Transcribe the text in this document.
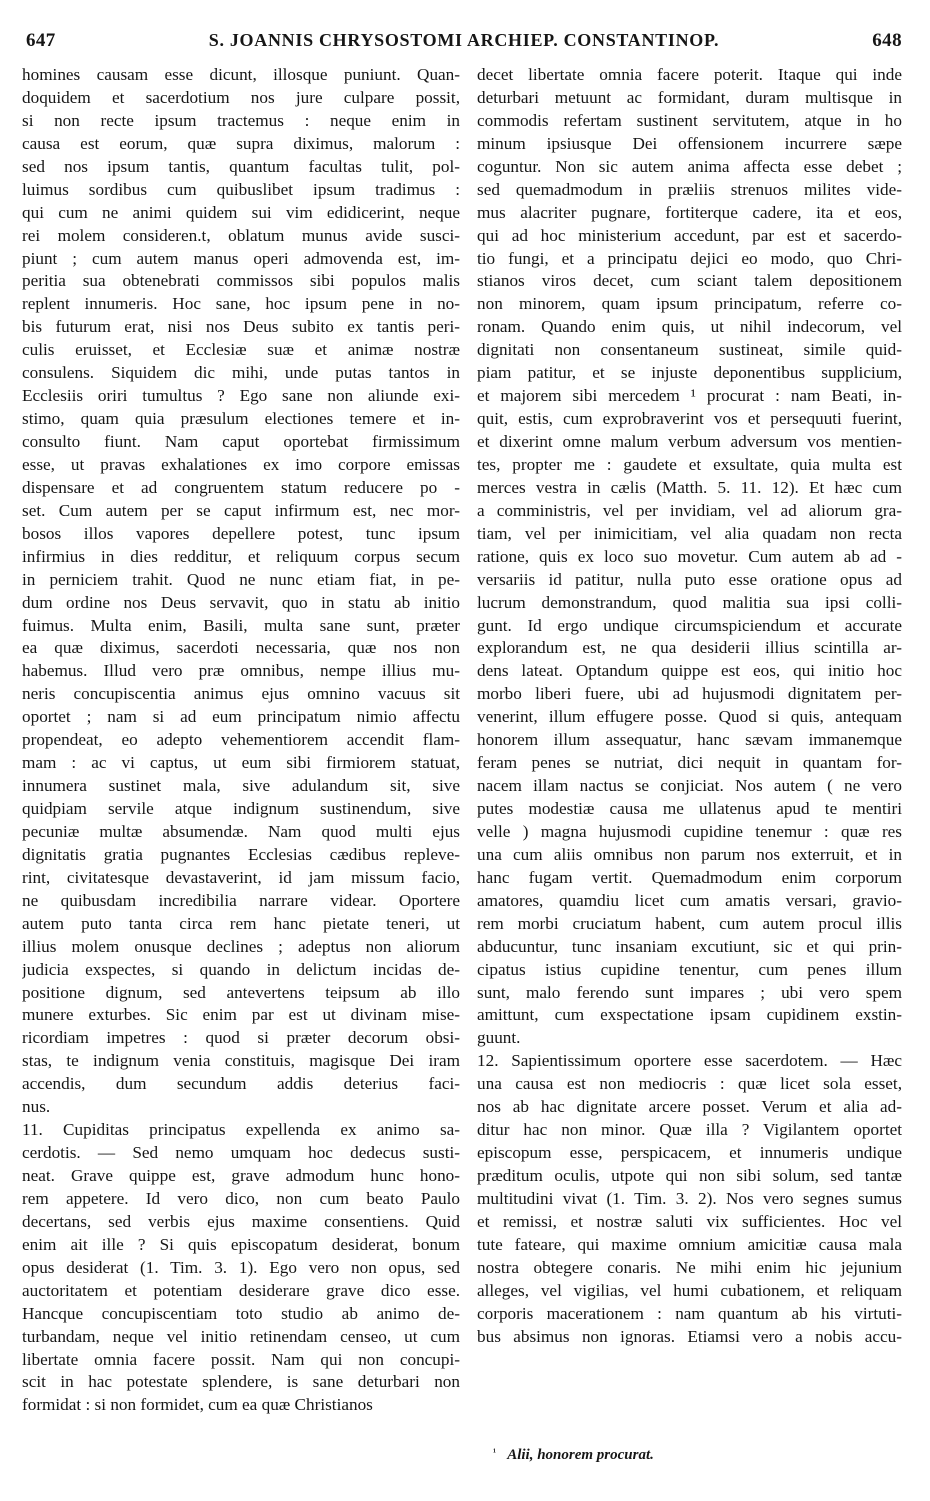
647	S. JOANNIS CHRYSOSTOMI ARCHIEP. CONSTANTINOP.	648
homines causam esse dicunt, illosque puniunt. Quan-
doquidem et sacerdotium nos jure culpare possit,
si non recte ipsum tractemus : neque enim in
causa est eorum, quæ supra diximus, malorum :
sed nos ipsum tantis, quantum facultas tulit, pol-
luimus sordibus cum quibuslibet ipsum tradimus :
qui cum ne animi quidem sui vim edidicerint, neque
rei molem consideren.t, oblatum munus avide susci-
piunt ; cum autem manus operi admovenda est, im-
peritia sua obtenebrati commissos sibi populos malis
replent innumeris. Hoc sane, hoc ipsum pene in no-
bis futurum erat, nisi nos Deus subito ex tantis peri-
culis eruisset, et Ecclesiæ suæ et animæ nostræ
consulens. Siquidem dic mihi, unde putas tantos in
Ecclesiis oriri tumultus ? Ego sane non aliunde exi-
stimo, quam quia præsulum electiones temere et in-
consulto fiunt. Nam caput oportebat firmissimum
esse, ut pravas exhalationes ex imo corpore emissas
dispensare et ad congruentem statum reducere po -
set. Cum autem per se caput infirmum est, nec mor-
bosos illos vapores depellere potest, tunc ipsum
infirmius in dies redditur, et reliquum corpus secum
in perniciem trahit. Quod ne nunc etiam fiat, in pe-
dum ordine nos Deus servavit, quo in statu ab initio
fuimus. Multa enim, Basili, multa sane sunt, præter
ea quæ diximus, sacerdoti necessaria, quæ nos non
habemus. Illud vero præ omnibus, nempe illius mu-
neris concupiscentia animus ejus omnino vacuus sit
oportet ; nam si ad eum principatum nimio affectu
propendeat, eo adepto vehementiorem accendit flam-
mam : ac vi captus, ut eum sibi firmiorem statuat,
innumera sustinet mala, sive adulandum sit, sive
quidpiam servile atque indignum sustinendum, sive
pecuniæ multæ absumendæ. Nam quod multi ejus
dignitatis gratia pugnantes Ecclesias cædibus repleve-
rint, civitatesque devastaverint, id jam missum facio,
ne quibusdam incredibilia narrare videar. Oportere
autem puto tanta circa rem hanc pietate teneri, ut
illius molem onusque declines ; adeptus non aliorum
judicia exspectes, si quando in delictum incidas de-
positione dignum, sed antevertens teipsum ab illo
munere exturbes. Sic enim par est ut divinam mise-
ricordiam impetres : quod si præter decorum obsi-
stas, te indignum venia constituis, magisque Dei iram
accendis, dum secundum addis deterius faci-
nus.
11. Cupiditas principatus expellenda ex animo sa-
cerdotis. — Sed nemo umquam hoc dedecus susti-
neat. Grave quippe est, grave admodum hunc hono-
rem appetere. Id vero dico, non cum beato Paulo
decertans, sed verbis ejus maxime consentiens. Quid
enim ait ille ? Si quis episcopatum desiderat, bonum
opus desiderat (1. Tim. 3. 1). Ego vero non opus, sed
auctoritatem et potentiam desiderare grave dico esse.
Hancque concupiscentiam toto studio ab animo de-
turbandam, neque vel initio retinendam censeo, ut cum
libertate omnia facere possit. Nam qui non concupi-
scit in hac potestate splendere, is sane deturbari non
formidat : si non formidet, cum ea quæ Christianos
decet libertate omnia facere poterit. Itaque qui inde
deturbari metuunt ac formidant, duram multisque in
commodis refertam sustinent servitutem, atque in ho
minum ipsiusque Dei offensionem incurrere sæpe
coguntur. Non sic autem anima affecta esse debet ;
sed quemadmodum in præliis strenuos milites vide-
mus alacriter pugnare, fortiterque cadere, ita et eos,
qui ad hoc ministerium accedunt, par est et sacerdo-
tio fungi, et a principatu dejici eo modo, quo Chri-
stianos viros decet, cum sciant talem depositionem
non minorem, quam ipsum principatum, referre co-
ronam. Quando enim quis, ut nihil indecorum, vel
dignitati non consentaneum sustineat, simile quid-
piam patitur, et se injuste deponentibus supplicium,
et majorem sibi mercedem ¹ procurat : nam Beati, in-
quit, estis, cum exprobraverint vos et persequuti fuerint,
et dixerint omne malum verbum adversum vos mentien-
tes, propter me : gaudete et exsultate, quia multa est
merces vestra in cælis (Matth. 5. 11. 12). Et hæc cum
a comministris, vel per invidiam, vel ad aliorum gra-
tiam, vel per inimicitiam, vel alia quadam non recta
ratione, quis ex loco suo movetur. Cum autem ab ad -
versariis id patitur, nulla puto esse oratione opus ad
lucrum demonstrandum, quod malitia sua ipsi colli-
gunt. Id ergo undique circumspiciendum et accurate
explorandum est, ne qua desiderii illius scintilla ar-
dens lateat. Optandum quippe est eos, qui initio hoc
morbo liberi fuere, ubi ad hujusmodi dignitatem per-
venerint, illum effugere posse. Quod si quis, antequam
honorem illum assequatur, hanc sævam immanemque
feram penes se nutriat, dici nequit in quantam for-
nacem illam nactus se conjiciat. Nos autem ( ne vero
putes modestiæ causa me ullatenus apud te mentiri
velle ) magna hujusmodi cupidine tenemur : quæ res
una cum aliis omnibus non parum nos exterruit, et in
hanc fugam vertit. Quemadmodum enim corporum
amatores, quamdiu licet cum amatis versari, gravio-
rem morbi cruciatum habent, cum autem procul illis
abducuntur, tunc insaniam excutiunt, sic et qui prin-
cipatus istius cupidine tenentur, cum penes illum
sunt, malo ferendo sunt impares ; ubi vero spem
amittunt, cum exspectatione ipsam cupidinem exstin-
guunt.
12. Sapientissimum oportere esse sacerdotem. — Hæc
una causa est non mediocris : quæ licet sola esset,
nos ab hac dignitate arcere posset. Verum et alia ad-
ditur hac non minor. Quæ illa ? Vigilantem oportet
episcopum esse, perspicacem, et innumeris undique
præditum oculis, utpote qui non sibi solum, sed tantæ
multitudini vivat (1. Tim. 3. 2). Nos vero segnes sumus
et remissi, et nostræ saluti vix sufficientes. Hoc vel
tute fateare, qui maxime omnium amicitiæ causa mala
nostra obtegere conaris. Ne mihi enim hic jejunium
alleges, vel vigilias, vel humi cubationem, et reliquam
corporis macerationem : nam quantum ab his virtuti-
bus absimus non ignoras. Etiamsi vero a nobis accu-
$^{^1}$ Alii, honorem procurat.
